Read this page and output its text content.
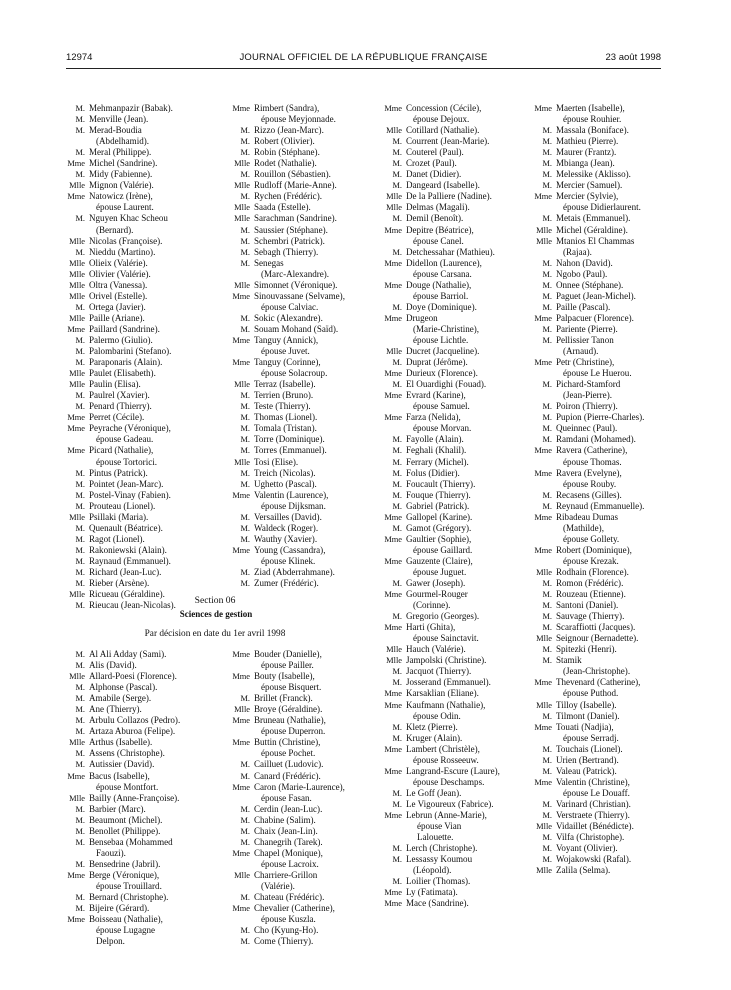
12974	JOURNAL OFFICIEL DE LA RÉPUBLIQUE FRANÇAISE	23 août 1998
M. Mehmanpazir (Babak).
M. Menville (Jean).
M. Merad-Boudia
(Abdelhamid).
M. Meral (Philippe).
Mme Michel (Sandrine).
M. Midy (Fabienne).
Mlle Mignon (Valérie).
Mme Natowicz (Irène),
épouse Laurent.
M. Nguyen Khac Scheou
(Bernard).
Mlle Nicolas (Françoise).
M. Nieddu (Martino).
Mlle Olieix (Valérie).
Mlle Olivier (Valérie).
Mlle Oltra (Vanessa).
Mlle Orivel (Estelle).
M. Ortega (Javier).
Mlle Paille (Ariane).
Mme Paillard (Sandrine).
M. Palermo (Giulio).
M. Palombarini (Stefano).
M. Paraponaris (Alain).
Mlle Paulet (Elisabeth).
Mlle Paulin (Elisa).
M. Paulrel (Xavier).
M. Penard (Thierry).
Mme Perret (Cécile).
Mme Peyrache (Véronique),
épouse Gadeau.
Mme Picard (Nathalie),
épouse Tortorici.
M. Pintus (Patrick).
M. Pointet (Jean-Marc).
M. Postel-Vinay (Fabien).
M. Prouteau (Lionel).
Mlle Psillaki (Maria).
M. Quenault (Béatrice).
M. Ragot (Lionel).
M. Rakoniewski (Alain).
M. Raynaud (Emmanuel).
M. Richard (Jean-Luc).
M. Rieber (Arsène).
Mlle Ricueau (Géraldine).
M. Rieucau (Jean-Nicolas).
Mme Rimbert (Sandra),
épouse Meyjonnade.
M. Rizzo (Jean-Marc).
M. Robert (Olivier).
M. Robin (Stéphane).
Mlle Rodet (Nathalie).
M. Rouillon (Sébastien).
Mlle Rudloff (Marie-Anne).
M. Rychen (Frédéric).
Mlle Saada (Estelle).
Mlle Sarachman (Sandrine).
M. Saussier (Stéphane).
M. Schembri (Patrick).
M. Sebagh (Thierry).
M. Senegas
(Marc-Alexandre).
Mlle Simonnet (Véronique).
Mme Sinouvassane (Selvame),
épouse Calviac.
M. Sokic (Alexandre).
M. Souam Mohand (Saïd).
Mme Tanguy (Annick),
épouse Juvet.
Mme Tanguy (Corinne),
épouse Solacroup.
Mlle Terraz (Isabelle).
M. Terrien (Bruno).
M. Teste (Thierry).
M. Thomas (Lionel).
M. Tomala (Tristan).
M. Torre (Dominique).
M. Torres (Emmanuel).
Mlle Tosi (Elise).
M. Treich (Nicolas).
M. Ughetto (Pascal).
Mme Valentin (Laurence),
épouse Dijksman.
M. Versailles (David).
M. Waldeck (Roger).
M. Wauthy (Xavier).
Mme Young (Cassandra),
épouse Klinek.
M. Ziad (Abderrahmane).
M. Zumer (Frédéric).
Mme Concession (Cécile),
épouse Dejoux.
Mlle Cotillard (Nathalie).
M. Courrent (Jean-Marie).
M. Couterel (Paul).
M. Crozet (Paul).
M. Danet (Didier).
M. Dangeard (Isabelle).
Mlle De la Palliere (Nadine).
Mlle Delmas (Magali).
M. Demil (Benoît).
Mme Depitre (Béatrice),
épouse Canel.
M. Detchessahar (Mathieu).
Mme Didellon (Laurence),
épouse Carsana.
Mme Douge (Nathalie),
épouse Barriol.
M. Doye (Dominique).
Mme Drugeon
(Marie-Christine),
épouse Lichtle.
Mlle Ducret (Jacqueline).
M. Duprat (Jérôme).
Mme Durieux (Florence).
M. El Ouardighi (Fouad).
Mme Evrard (Karine),
épouse Samuel.
Mme Farza (Nelida),
épouse Morvan.
M. Fayolle (Alain).
M. Feghali (Khalil).
M. Ferrary (Michel).
M. Folus (Didier).
M. Foucault (Thierry).
M. Fouque (Thierry).
M. Gabriel (Patrick).
Mme Gallopel (Karine).
M. Gamot (Grégory).
Mme Gaultier (Sophie),
épouse Gaillard.
Mme Gauzente (Claire),
épouse Juguet.
M. Gawer (Joseph).
Mme Gourmel-Rouger
(Corinne).
M. Gregorio (Georges).
Mme Harti (Ghita),
épouse Sainctavit.
Mlle Hauch (Valérie).
Mlle Jampolski (Christine).
M. Jacquot (Thierry).
M. Josserand (Emmanuel).
Mme Karsaklian (Eliane).
Mme Kaufmann (Nathalie),
épouse Odin.
M. Kletz (Pierre).
M. Kruger (Alain).
Mme Lambert (Christèle),
épouse Rosseeuw.
Mme Langrand-Escure (Laure),
épouse Deschamps.
M. Le Goff (Jean).
M. Le Vigoureux (Fabrice).
Mme Lebrun (Anne-Marie),
épouse Vian
Lalouette.
M. Lerch (Christophe).
M. Lessassy Koumou
(Léopold).
M. Loilier (Thomas).
Mme Ly (Fatimata).
Mme Mace (Sandrine).
Mme Maerten (Isabelle),
épouse Rouhier.
M. Massala (Boniface).
M. Mathieu (Pierre).
M. Maurer (Frantz).
M. Mbianga (Jean).
M. Melessike (Aklisso).
M. Mercier (Samuel).
Mme Mercier (Sylvie),
épouse Didierlaurent.
M. Metais (Emmanuel).
Mlle Michel (Géraldine).
Mlle Mtanios El Chammas
(Rajaa).
M. Nahon (David).
M. Ngobo (Paul).
M. Onnee (Stéphane).
M. Paguet (Jean-Michel).
M. Paille (Pascal).
Mme Palpacuer (Florence).
M. Pariente (Pierre).
M. Pellissier Tanon
(Arnaud).
Mme Petr (Christine),
épouse Le Huerou.
M. Pichard-Stamford
(Jean-Pierre).
M. Poiron (Thierry).
M. Pupion (Pierre-Charles).
M. Queinnec (Paul).
M. Ramdani (Mohamed).
Mme Ravera (Catherine),
épouse Thomas.
Mme Ravera (Evelyne),
épouse Rouby.
M. Recasens (Gilles).
M. Reynaud (Emmanuelle).
Mme Ribadeau Dumas
(Mathilde),
épouse Gollety.
Mme Robert (Dominique),
épouse Krezak.
Mlle Rodhain (Florence).
M. Romon (Frédéric).
M. Rouzeau (Etienne).
M. Santoni (Daniel).
M. Sauvage (Thierry).
M. Scaraffiotti (Jacques).
Mlle Seignour (Bernadette).
M. Spitezki (Henri).
M. Stamik
(Jean-Christophe).
Mme Thevenard (Catherine),
épouse Puthod.
Mlle Tilloy (Isabelle).
M. Tilmont (Daniel).
Mme Touati (Nadjia),
épouse Serradj.
M. Touchais (Lionel).
M. Urien (Bertrand).
M. Valeau (Patrick).
Mme Valentin (Christine),
épouse Le Douaff.
M. Varinard (Christian).
M. Verstraete (Thierry).
Mlle Vidaillet (Bénédicte).
M. Vilfa (Christophe).
M. Voyant (Olivier).
M. Wojakowski (Rafal).
Mlle Zalila (Selma).
Section 06
Sciences de gestion
Par décision en date du 1er avril 1998
M. Al Ali Adday (Sami).
M. Alis (David).
Mlle Allard-Poesi (Florence).
M. Alphonse (Pascal).
M. Amabile (Serge).
M. Ane (Thierry).
M. Arbulu Collazos (Pedro).
M. Artaza Aburoa (Felipe).
Mlle Arthus (Isabelle).
M. Assens (Christophe).
M. Autissier (David).
Mme Bacus (Isabelle),
épouse Montfort.
Mlle Bailly (Anne-Françoise).
M. Barbier (Marc).
M. Beaumont (Michel).
M. Benollet (Philippe).
M. Bensebaa (Mohammed
Faouzi).
M. Bensedrine (Jabril).
Mme Berge (Véronique),
épouse Trouillard.
M. Bernard (Christophe).
M. Bijeire (Gérard).
Mme Boisseau (Nathalie),
épouse Lugagne
Delpon.
Mme Bouder (Danielle),
épouse Pailler.
Mme Bouty (Isabelle),
épouse Bisquert.
M. Brillet (Franck).
Mlle Broye (Géraldine).
Mme Bruneau (Nathalie),
épouse Duperron.
Mme Buttin (Christine),
épouse Pochet.
M. Cailluet (Ludovic).
M. Canard (Frédéric).
Mme Caron (Marie-Laurence),
épouse Fasan.
M. Cerdin (Jean-Luc).
M. Chabine (Salim).
M. Chaix (Jean-Lin).
M. Chanegrih (Tarek).
Mme Chapel (Monique),
épouse Lacroix.
Mlle Charriere-Grillon
(Valérie).
M. Chateau (Frédéric).
Mme Chevalier (Catherine),
épouse Kuszla.
M. Cho (Kyung-Ho).
M. Come (Thierry).
